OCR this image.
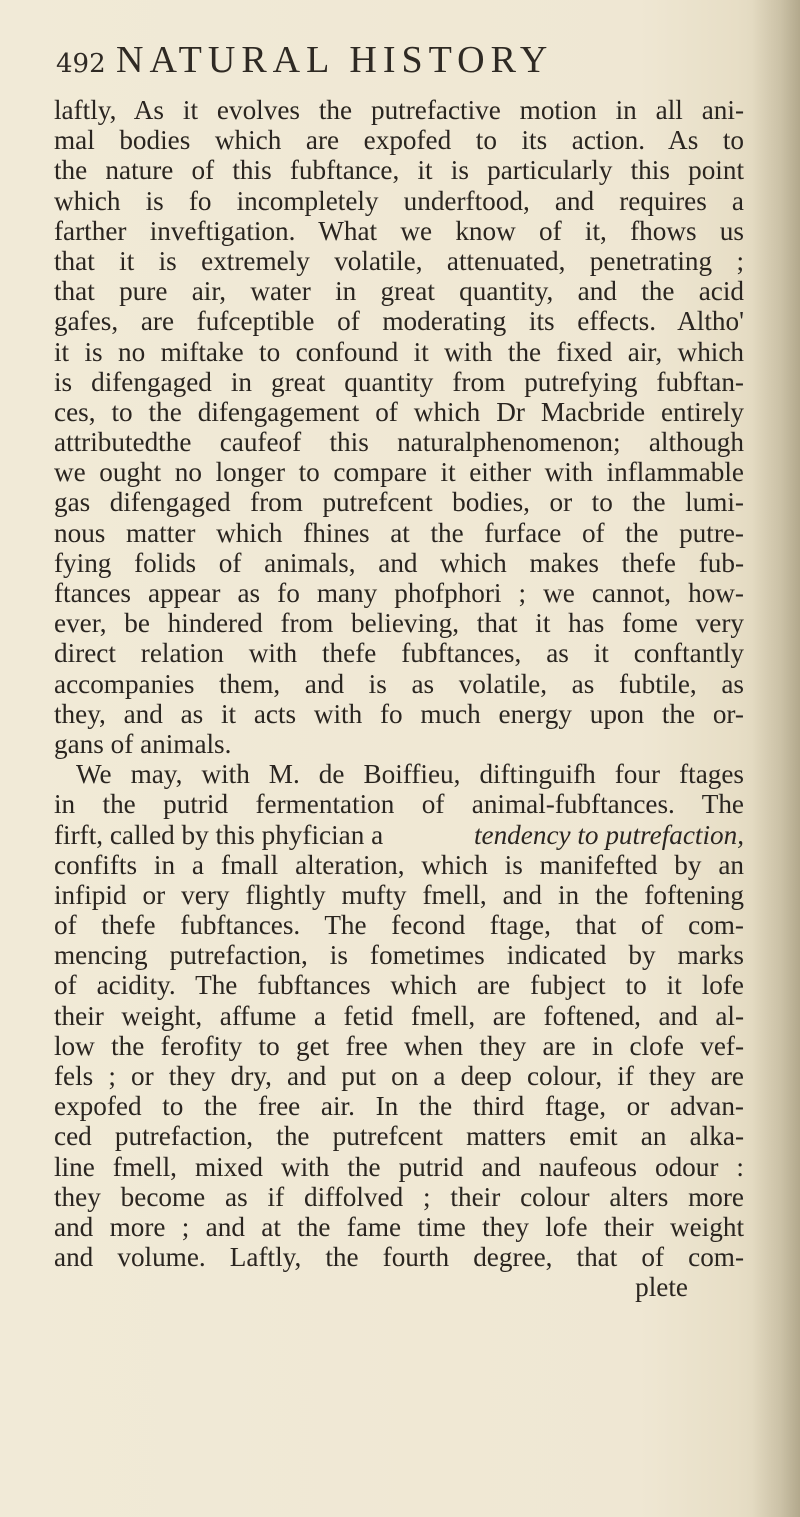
492 NATURAL HISTORY
laftly, As it evolves the putrefactive motion in all ani-
mal bodies which are expofed to its action. As to
the nature of this fubftance, it is particularly this point
which is fo incompletely underftood, and requires a
farther inveftigation. What we know of it, fhows us
that it is extremely volatile, attenuated, penetrating ;
that pure air, water in great quantity, and the acid
gafes, are fufceptible of moderating its effects. Altho'
it is no miftake to confound it with the fixed air, which
is difengaged in great quantity from putrefying fubftan-
ces, to the difengagement of which Dr Macbride entirely
attributedthe caufeof this naturalphenomenon; although
we ought no longer to compare it either with inflammable
gas difengaged from putrefcent bodies, or to the lumi-
nous matter which fhines at the furface of the putre-
fying folids of animals, and which makes thefe fub-
ftances appear as fo many phofphori ; we cannot, how-
ever, be hindered from believing, that it has fome very
direct relation with thefe fubftances, as it conftantly
accompanies them, and is as volatile, as fubtile, as
they, and as it acts with fo much energy upon the or-
gans of animals.
We may, with M. de Boiffieu, diftinguifh four ftages
in the putrid fermentation of animal-fubftances. The
firft, called by this phyfician a	tendency to putrefaction,
confifts in a fmall alteration, which is manifefted by an
infipid or very flightly mufty fmell, and in the foftening
of thefe fubftances. The fecond ftage, that of com-
mencing putrefaction, is fometimes indicated by marks
of acidity. The fubftances which are fubject to it lofe
their weight, affume a fetid fmell, are foftened, and al-
low the ferofity to get free when they are in clofe vef-
fels ; or they dry, and put on a deep colour, if they are
expofed to the free air. In the third ftage, or advan-
ced putrefaction, the putrefcent matters emit an alka-
line fmell, mixed with the putrid and naufeous odour :
they become as if diffolved ; their colour alters more
and more ; and at the fame time they lofe their weight
and volume. Laftly, the fourth degree, that of com-
plete
